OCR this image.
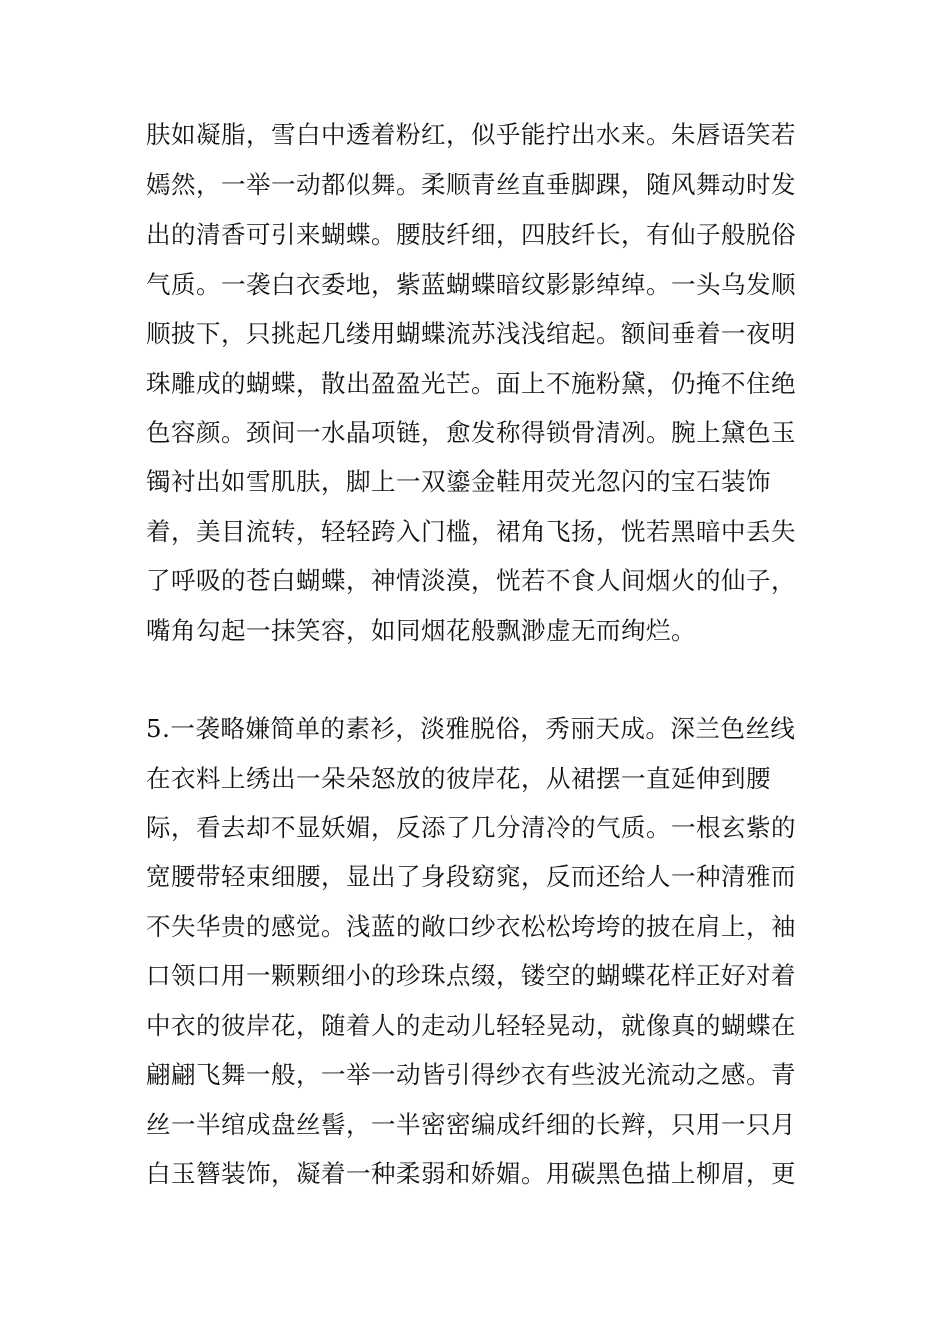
肤如凝脂，雪白中透着粉红，似乎能拧出水来。朱唇语笑若
嫣然，一举一动都似舞。柔顺青丝直垂脚踝，随风舞动时发
出的清香可引来蝴蝶。腰肢纤细，四肢纤长，有仙子般脱俗
气质。一袭白衣委地，紫蓝蝴蝶暗纹影影绰绰。一头乌发顺
顺披下，只挑起几缕用蝴蝶流苏浅浅绾起。额间垂着一夜明
珠雕成的蝴蝶，散出盈盈光芒。面上不施粉黛，仍掩不住绝
色容颜。颈间一水晶项链，愈发称得锁骨清冽。腕上黛色玉
镯衬出如雪肌肤，脚上一双鎏金鞋用荧光忽闪的宝石装饰
着，美目流转，轻轻跨入门槛，裙角飞扬，恍若黑暗中丢失
了呼吸的苍白蝴蝶，神情淡漠，恍若不食人间烟火的仙子，
嘴角勾起一抹笑容，如同烟花般飘渺虚无而绚烂。
5.一袭略嫌简单的素衫，淡雅脱俗，秀丽天成。深兰色丝线
在衣料上绣出一朵朵怒放的彼岸花，从裙摆一直延伸到腰
际，看去却不显妖媚，反添了几分清冷的气质。一根玄紫的
宽腰带轻束细腰，显出了身段窈窕，反而还给人一种清雅而
不失华贵的感觉。浅蓝的敞口纱衣松松垮垮的披在肩上，袖
口领口用一颗颗细小的珍珠点缀，镂空的蝴蝶花样正好对着
中衣的彼岸花，随着人的走动儿轻轻晃动，就像真的蝴蝶在
翩翩飞舞一般，一举一动皆引得纱衣有些波光流动之感。青
丝一半绾成盘丝髻，一半密密编成纤细的长辫，只用一只月
白玉簪装饰，凝着一种柔弱和娇媚。用碳黑色描上柳眉，更
